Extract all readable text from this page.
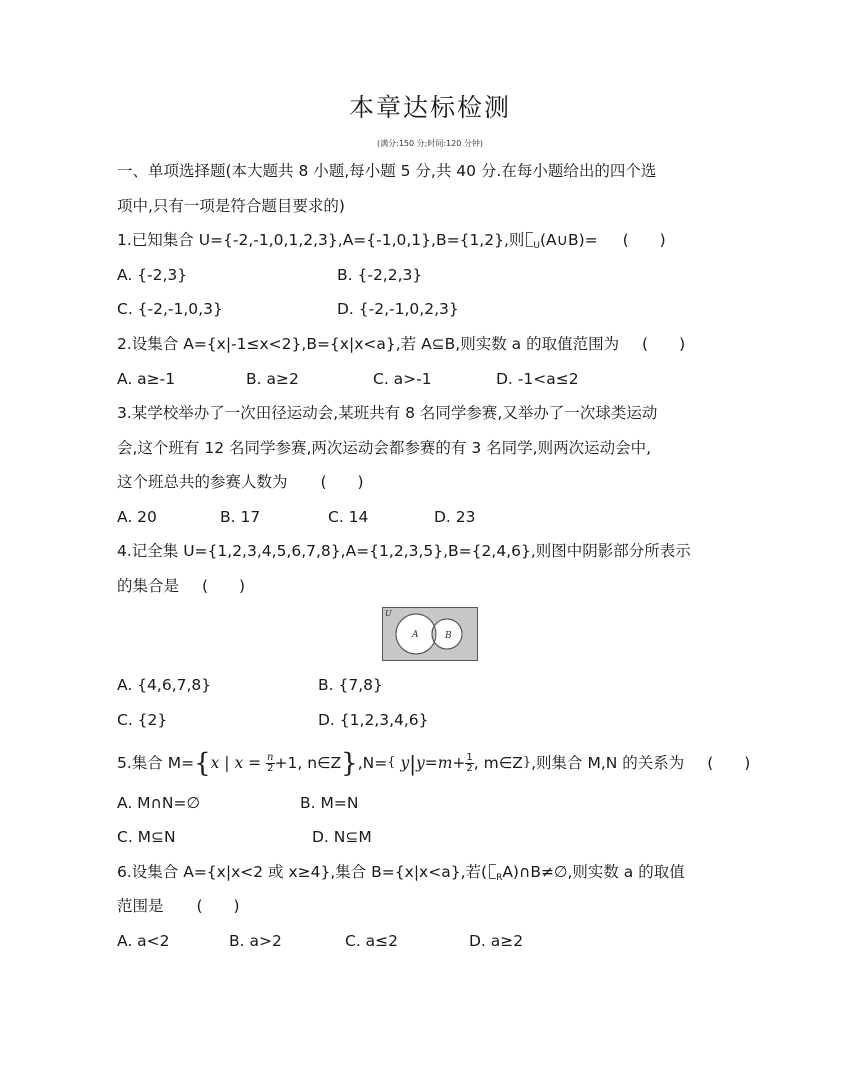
本章达标检测
(满分:150 分;时间:120 分钟)
一、单项选择题(本大题共 8 小题,每小题 5 分,共 40 分.在每小题给出的四个选
项中,只有一项是符合题目要求的)
1.已知集合 U={-2,-1,0,1,2,3},A={-1,0,1},B={1,2},则 $_U$(A∪B)= (　　)
A. {-2,3}	B. {-2,2,3}
C. {-2,-1,0,3}	D. {-2,-1,0,2,3}
2.设集合 A={x|-1≤x<2},B={x|x<a},若 A⊆B,则实数 a 的取值范围为 (　　)
A. a≥-1	B. a≥2	C. a>-1	D. -1<a≤2
3.某学校举办了一次田径运动会,某班共有 8 名同学参赛,又举办了一次球类运动
会,这个班有 12 名同学参赛,两次运动会都参赛的有 3 名同学,则两次运动会中,
这个班总共的参赛人数为 (　　)
A. 20	B. 17	C. 14	D. 23
4.记全集 U={1,2,3,4,5,6,7,8},A={1,2,3,5},B={2,4,6},则图中阴影部分所表示
的集合是 (　　)
U
A	B
A. {4,6,7,8}	B. {7,8}
C. {2}	D. {1,2,3,4,6}
5.集合 M={x | $x = \frac{n}{2} +1$, n∈Z},N={ $y|y=m+ \frac{1}{2}$ , m∈Z},则集合 M,N 的关系为 (　　)
A. M∩N=∅	B. M=N
C. M⊆N	D. N⊆M
6.设集合 A={x|x<2 或 x≥4},集合 B={x|x<a},若( $_R$A)∩B≠∅,则实数 a 的取值
范围是 (　　)
A. a<2	B. a>2	C. a≤2	D. a≥2
